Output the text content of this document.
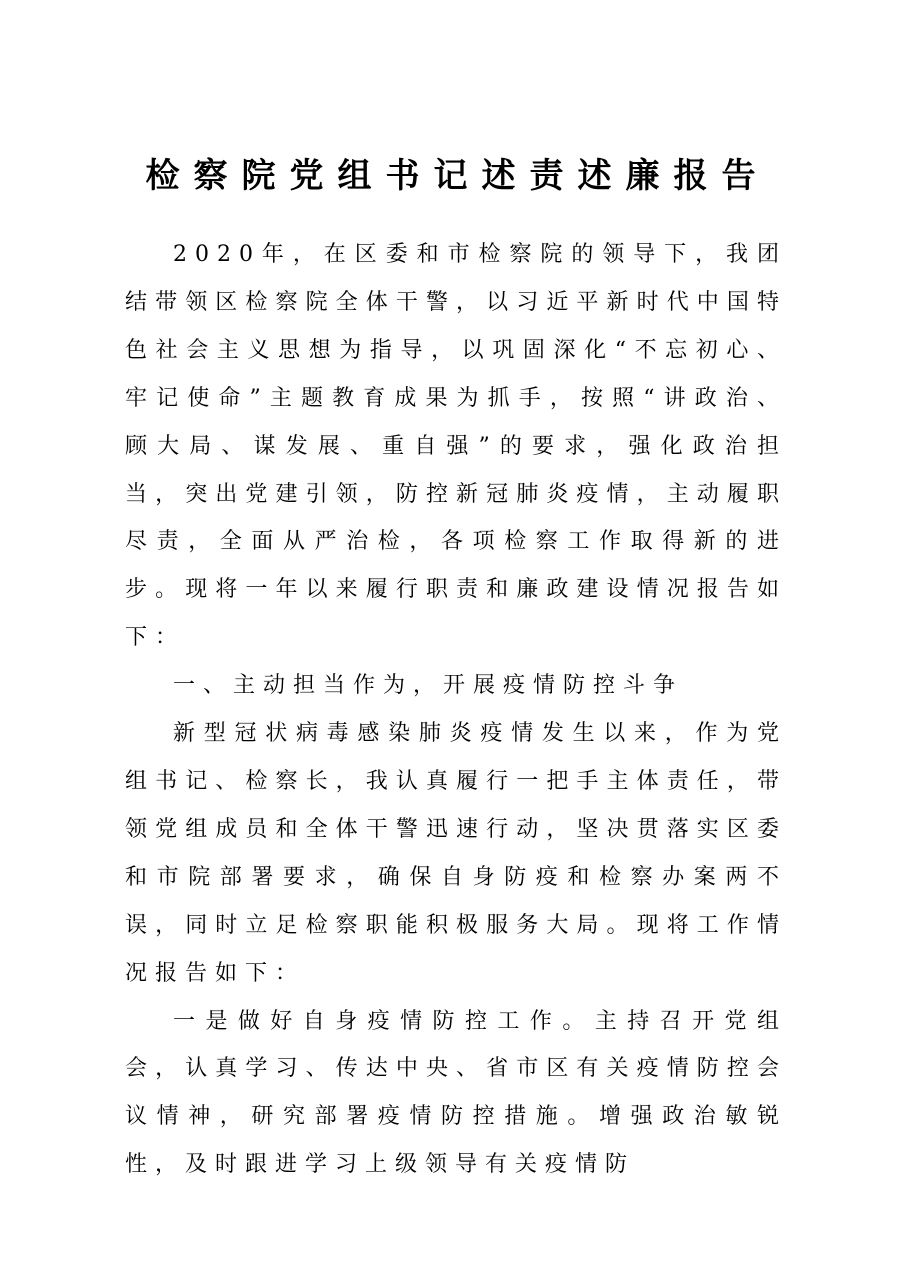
检察院党组书记述责述廉报告

2020年，在区委和市检察院的领导下，我团结带领区检察院全体干警，以习近平新时代中国特色社会主义思想为指导，以巩固深化“不忘初心、牢记使命”主题教育成果为抓手，按照“讲政治、顾大局、谋发展、重自强”的要求，强化政治担当，突出党建引领，防控新冠肺炎疫情，主动履职尽责，全面从严治检，各项检察工作取得新的进步。现将一年以来履行职责和廉政建设情况报告如下：

一、主动担当作为，开展疫情防控斗争

新型冠状病毒感染肺炎疫情发生以来，作为党组书记、检察长，我认真履行一把手主体责任，带领党组成员和全体干警迅速行动，坚决贯落实区委和市院部署要求，确保自身防疫和检察办案两不误，同时立足检察职能积极服务大局。现将工作情况报告如下：

一是做好自身疫情防控工作。主持召开党组会，认真学习、传达中央、省市区有关疫情防控会议情神，研究部署疫情防控措施。增强政治敏锐性，及时跟进学习上级领导有关疫情防
